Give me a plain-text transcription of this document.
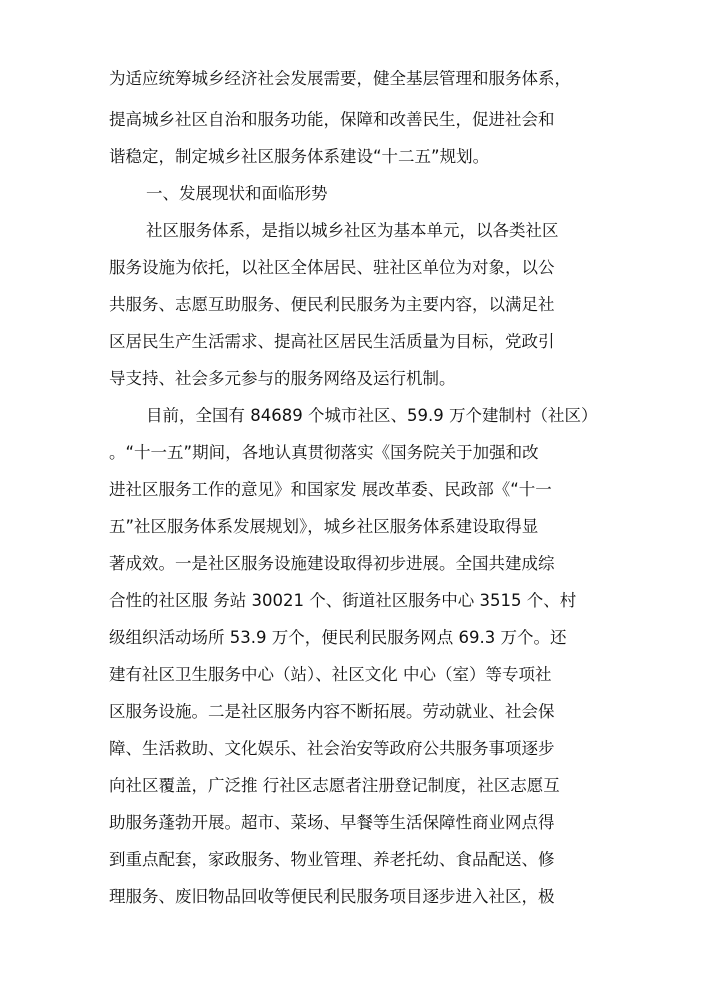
为适应统筹城乡经济社会发展需要，健全基层管理和服务体系，
提高城乡社区自治和服务功能，保障和改善民生，促进社会和
谐稳定，制定城乡社区服务体系建设“十二五”规划。
一、发展现状和面临形势
社区服务体系，是指以城乡社区为基本单元，以各类社区
服务设施为依托，以社区全体居民、驻社区单位为对象，以公
共服务、志愿互助服务、便民利民服务为主要内容，以满足社
区居民生产生活需求、提高社区居民生活质量为目标，党政引
导支持、社会多元参与的服务网络及运行机制。
目前，全国有 84689 个城市社区、59.9 万个建制村（社区）
。“十一五”期间，各地认真贯彻落实《国务院关于加强和改
进社区服务工作的意见》和国家发 展改革委、民政部《“十一
五”社区服务体系发展规划》，城乡社区服务体系建设取得显
著成效。一是社区服务设施建设取得初步进展。全国共建成综
合性的社区服 务站 30021 个、街道社区服务中心 3515 个、村
级组织活动场所 53.9 万个，便民利民服务网点 69.3 万个。还
建有社区卫生服务中心（站）、社区文化 中心（室）等专项社
区服务设施。二是社区服务内容不断拓展。劳动就业、社会保
障、生活救助、文化娱乐、社会治安等政府公共服务事项逐步
向社区覆盖，广泛推 行社区志愿者注册登记制度，社区志愿互
助服务蓬勃开展。超市、菜场、早餐等生活保障性商业网点得
到重点配套，家政服务、物业管理、养老托幼、食品配送、修
理服务、废旧物品回收等便民利民服务项目逐步进入社区，极
